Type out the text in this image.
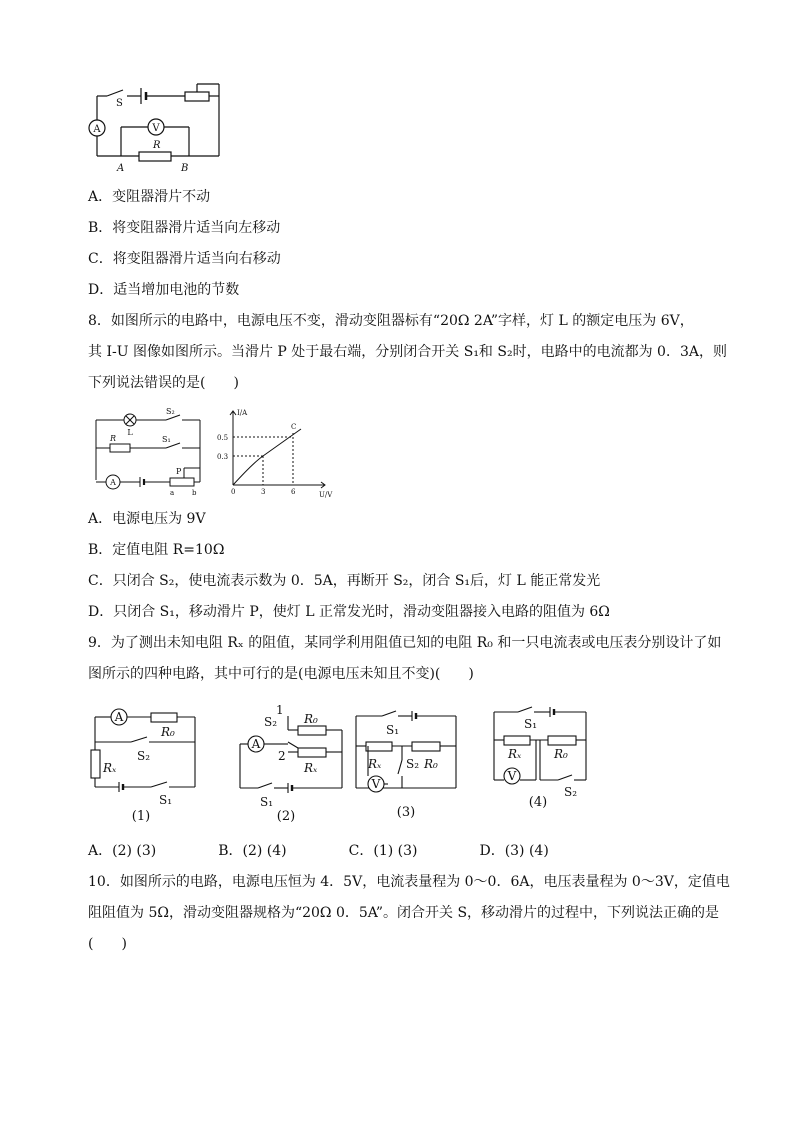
S
A	V
R
A	B
A．变阻器滑片不动
B．将变阻器滑片适当向左移动
C．将变阻器滑片适当向右移动
D．适当增加电池的节数
8．如图所示的电路中，电源电压不变，滑动变阻器标有“20Ω 2A”字样，灯 L 的额定电压为 6V，
其 I-U 图像如图所示。当滑片 P 处于最右端，分别闭合开关 S₁和 S₂时，电路中的电流都为 0．3A，则
下列说法错误的是(　　)
L
S₂
R	S₁
A
P
a	b
I/A
U/V
0
0.3
0.5
3	6
C
A．电源电压为 9V
B．定值电阻 R=10Ω
C．只闭合 S₂，使电流表示数为 0．5A，再断开 S₂，闭合 S₁后，灯 L 能正常发光
D．只闭合 S₁，移动滑片 P，使灯 L 正常发光时，滑动变阻器接入电路的阻值为 6Ω
9．为了测出未知电阻 Rₓ 的阻值，某同学利用阻值已知的电阻 R₀ 和一只电流表或电压表分别设计了如
图所示的四种电路，其中可行的是(电源电压未知且不变)(　　)
A
R₀
S₂
Rₓ
S₁
(1)
1
S₂ R₀
A
2
Rₓ
S₁
(2)
S₁
Rₓ S₂ R₀
V
(3)
S₁
Rₓ	R₀
V
S₂
(4)
A．(2) (3)	B．(2) (4)	C．(1) (3)	D．(3) (4)
10．如图所示的电路，电源电压恒为 4．5V，电流表量程为 0～0．6A，电压表量程为 0～3V，定值电
阻阻值为 5Ω，滑动变阻器规格为“20Ω 0．5A”。闭合开关 S，移动滑片的过程中，下列说法正确的是
(　　)
